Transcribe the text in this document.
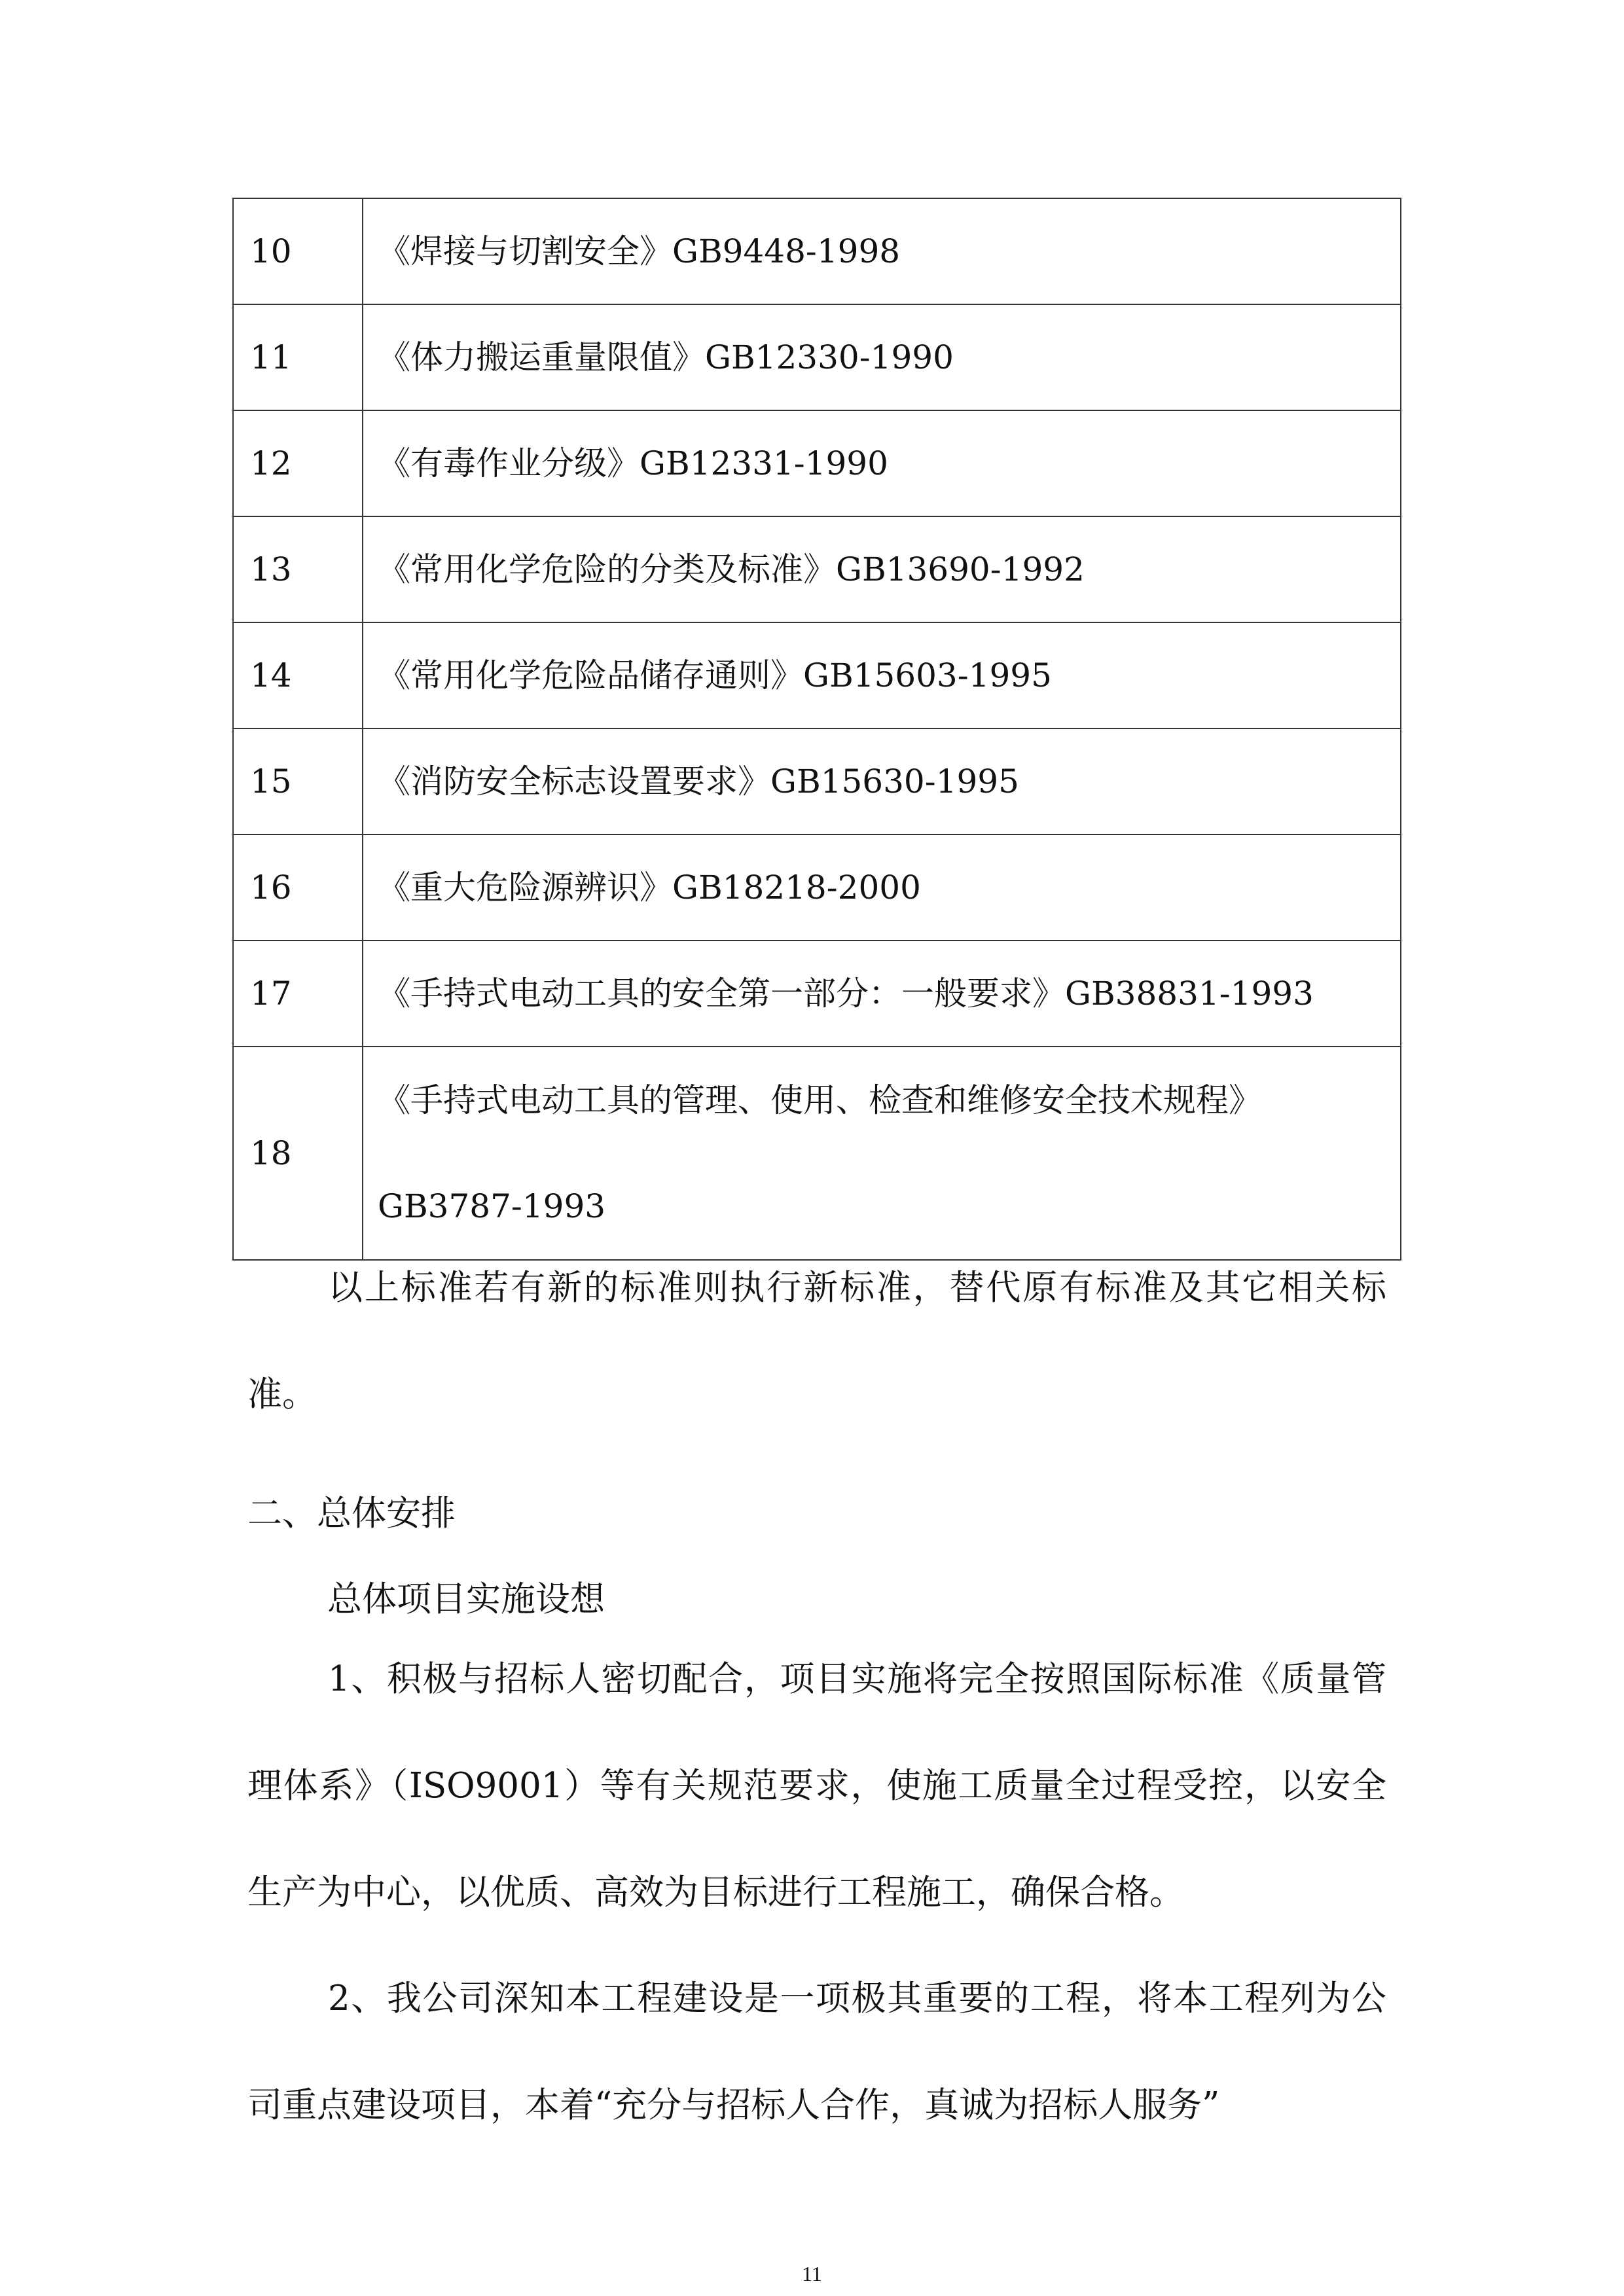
10	《焊接与切割安全》GB9448-1998
11	《体力搬运重量限值》GB12330-1990
12	《有毒作业分级》GB12331-1990
13	《常用化学危险的分类及标准》GB13690-1992
14	《常用化学危险品储存通则》GB15603-1995
15	《消防安全标志设置要求》GB15630-1995
16	《重大危险源辨识》GB18218-2000
17	《手持式电动工具的安全第一部分：一般要求》GB38831-1993
18	《手持式电动工具的管理、使用、检查和维修安全技术规程》GB3787-1993

以上标准若有新的标准则执行新标准，替代原有标准及其它相关标准。

二、总体安排

总体项目实施设想

1、积极与招标人密切配合，项目实施将完全按照国际标准《质量管理体系》（ISO9001）等有关规范要求，使施工质量全过程受控，以安全生产为中心，以优质、高效为目标进行工程施工，确保合格。

2、我公司深知本工程建设是一项极其重要的工程，将本工程列为公司重点建设项目，本着“充分与招标人合作，真诚为招标人服务”

11
